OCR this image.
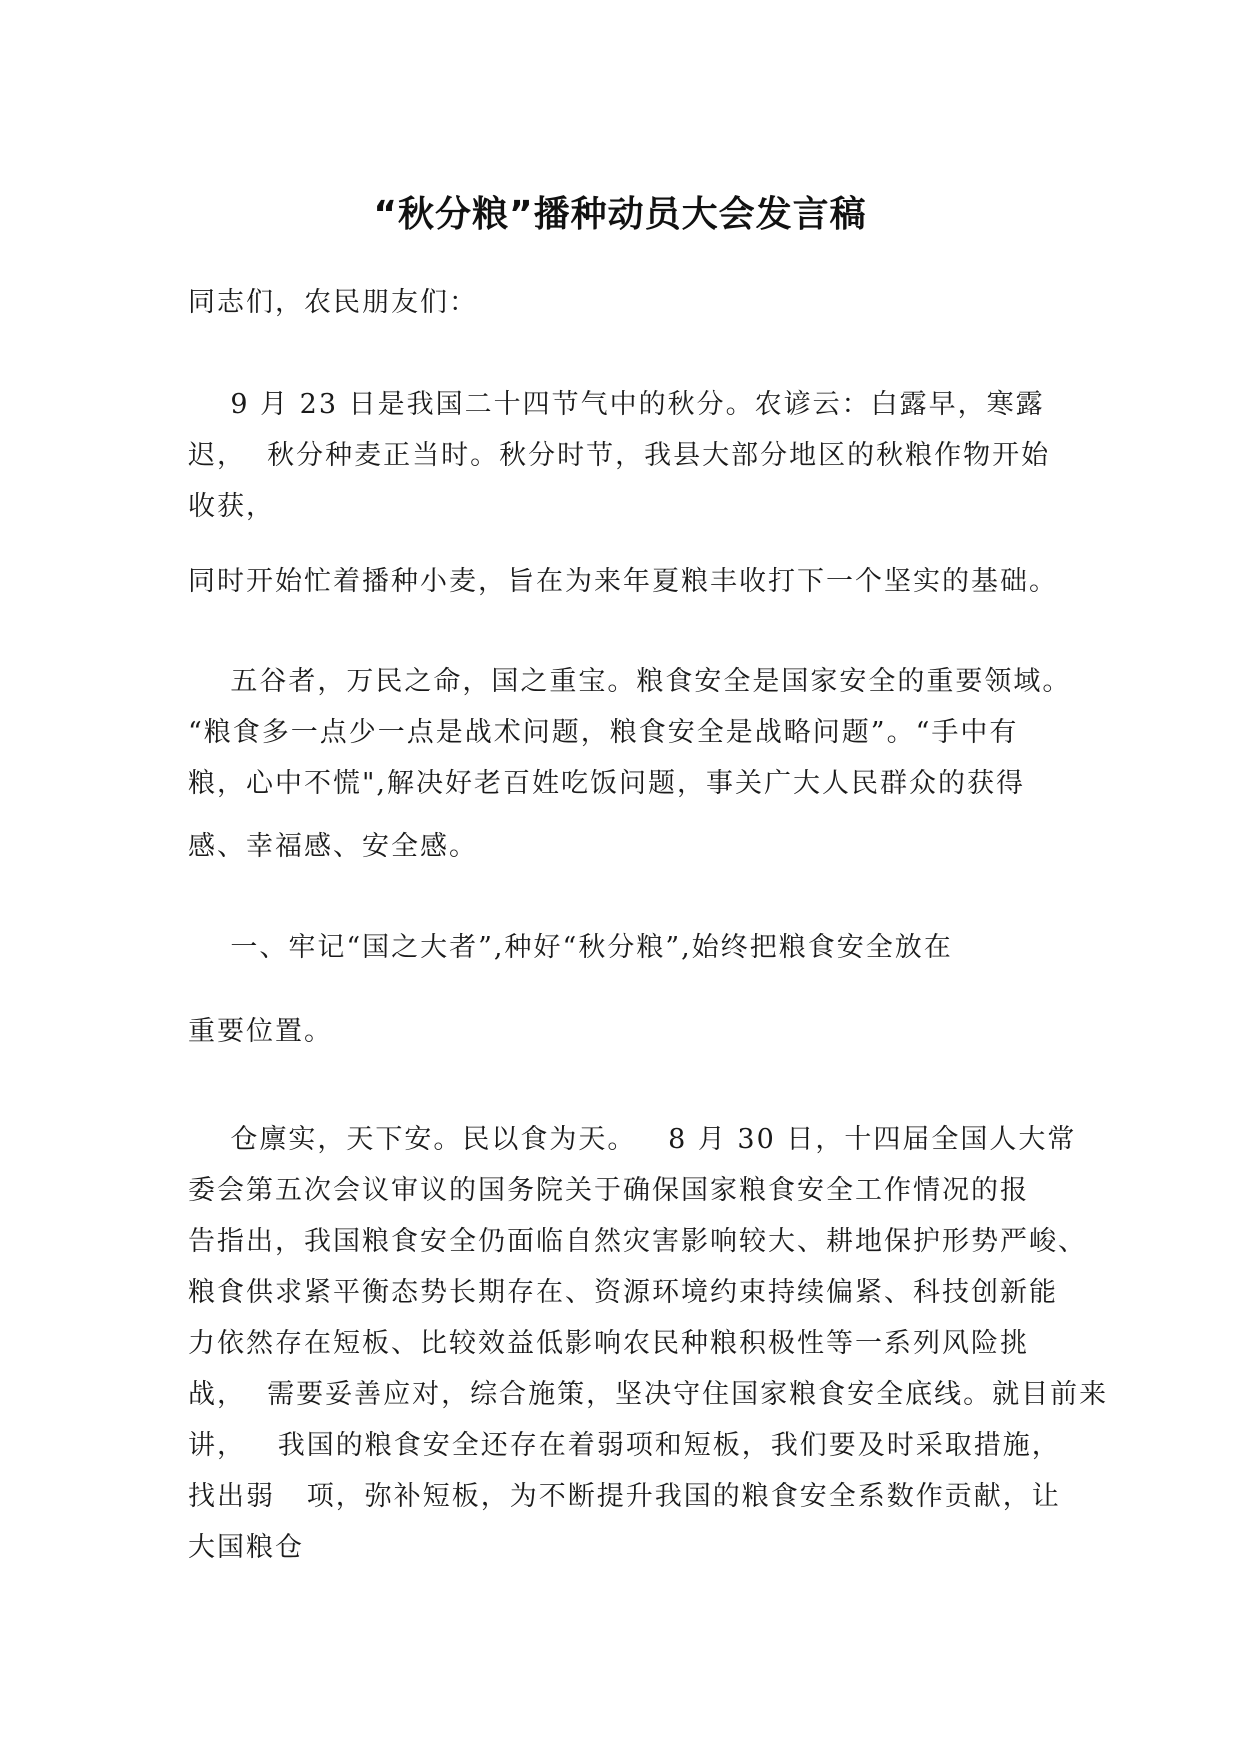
“秋分粮”播种动员大会发言稿
同志们，农民朋友们：
9 月 23 日是我国二十四节气中的秋分。农谚云：白露早，寒露
迟，  秋分种麦正当时。秋分时节，我县大部分地区的秋粮作物开始
收获，
同时开始忙着播种小麦，旨在为来年夏粮丰收打下一个坚实的基础。
五谷者，万民之命，国之重宝。粮食安全是国家安全的重要领域。
“粮食多一点少一点是战术问题，粮食安全是战略问题”。“手中有
粮，心中不慌",解决好老百姓吃饭问题，事关广大人民群众的获得
感、幸福感、安全感。
一、牢记“国之大者”,种好“秋分粮”,始终把粮食安全放在
重要位置。
仓廪实，天下安。民以食为天。   8 月 30 日，十四届全国人大常
委会第五次会议审议的国务院关于确保国家粮食安全工作情况的报
告指出，我国粮食安全仍面临自然灾害影响较大、耕地保护形势严峻、
粮食供求紧平衡态势长期存在、资源环境约束持续偏紧、科技创新能
力依然存在短板、比较效益低影响农民种粮积极性等一系列风险挑
战，  需要妥善应对，综合施策，坚决守住国家粮食安全底线。就目前来
讲，   我国的粮食安全还存在着弱项和短板，我们要及时采取措施，
找出弱   项，弥补短板，为不断提升我国的粮食安全系数作贡献，让
大国粮仓
